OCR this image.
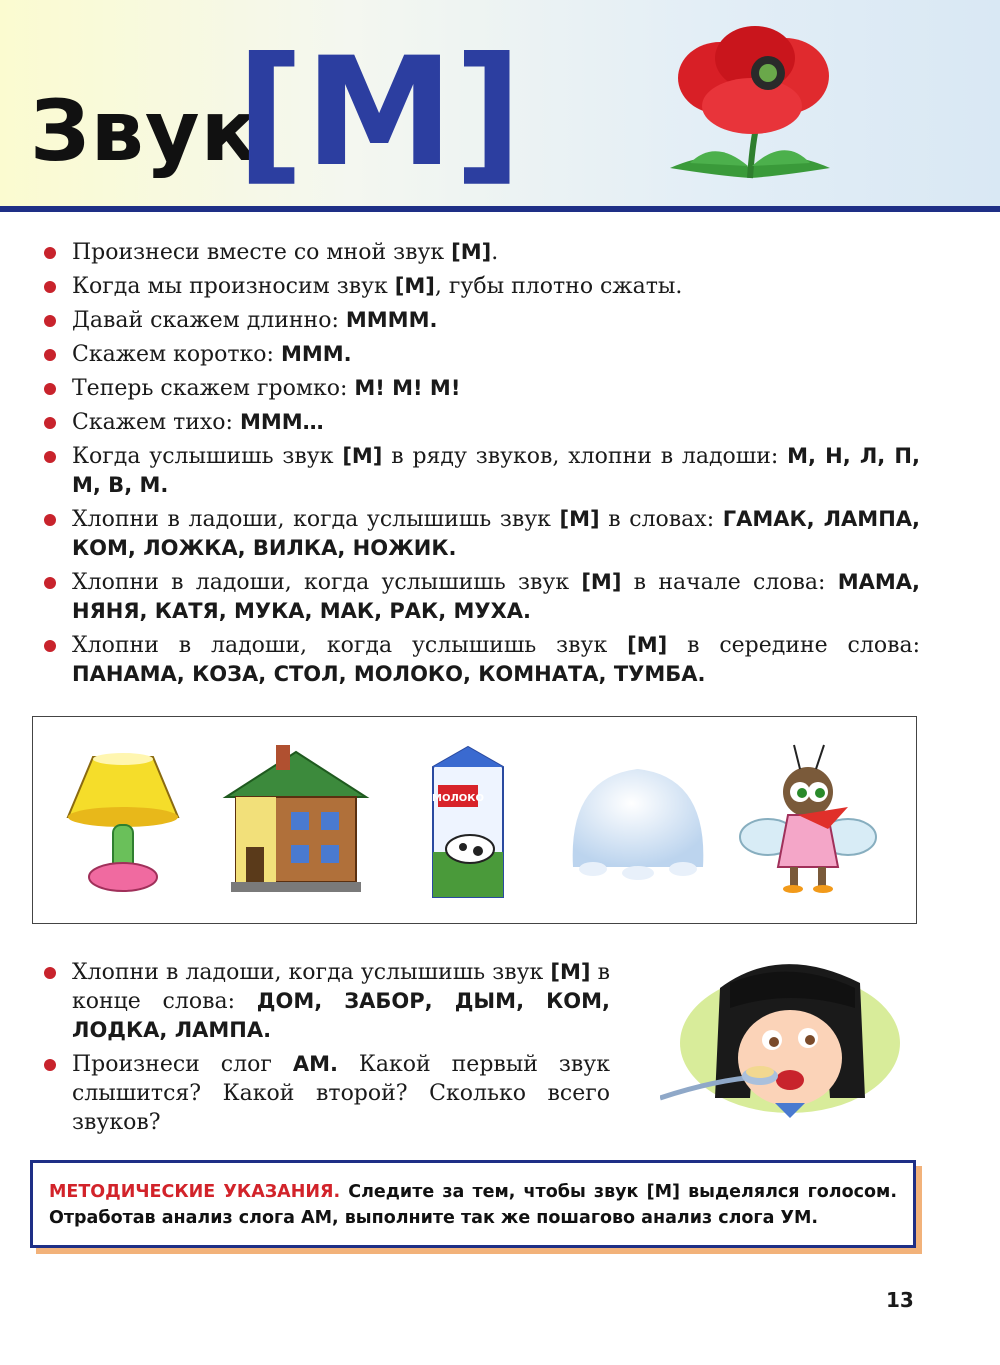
Звук
[М]
Произнеси вместе со мной звук [М].
Когда мы произносим звук [М], губы плотно сжаты.
Давай скажем длинно: ММММ.
Скажем коротко: МММ.
Теперь скажем громко: М! М! М!
Скажем тихо: МММ…
Когда услышишь звук [М] в ряду звуков, хлопни в ладоши: М, Н, Л, П, М, В, М.
Хлопни в ладоши, когда услышишь звук [М] в словах: ГАМАК, ЛАМПА, КОМ, ЛОЖКА, ВИЛКА, НОЖИК.
Хлопни в ладоши, когда услышишь звук [М] в начале слова: МАМА, НЯНЯ, КАТЯ, МУКА, МАК, РАК, МУХА.
Хлопни в ладоши, когда услышишь звук [М] в середине слова: ПАНАМА, КОЗА, СТОЛ, МОЛОКО, КОМНАТА, ТУМБА.
МОЛОКО
Хлопни в ладоши, когда услышишь звук [М] в конце слова: ДОМ, ЗАБОР, ДЫМ, КОМ, ЛОДКА, ЛАМПА.
Произнеси слог АМ. Какой первый звук слышится? Какой второй? Сколько всего звуков?
МЕТОДИЧЕСКИЕ УКАЗАНИЯ. Следите за тем, чтобы звук [М] выделялся голосом. Отработав анализ слога АМ, выполните так же пошагово анализ слога УМ.
13
